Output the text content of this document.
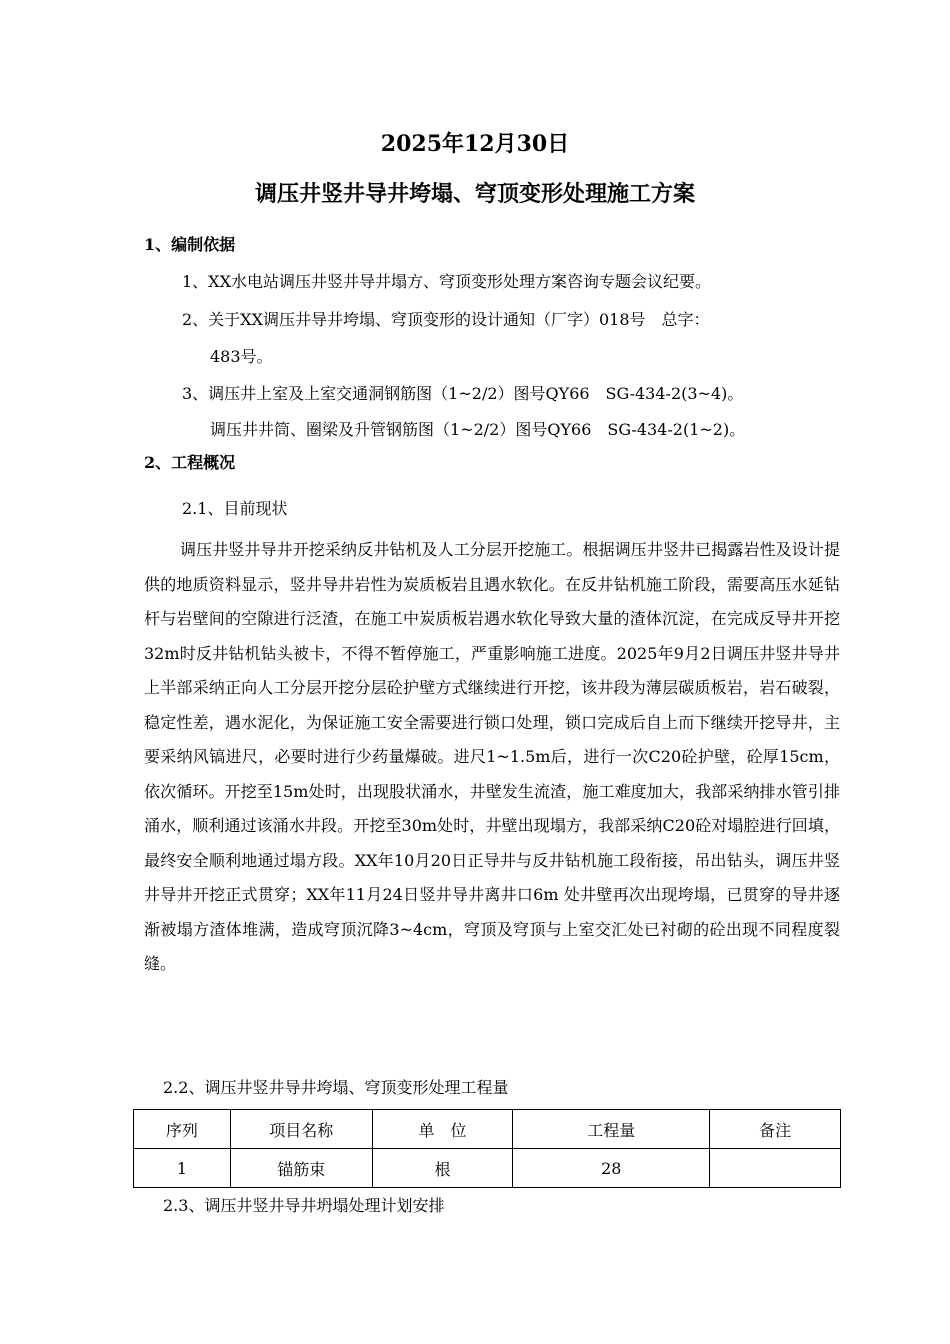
2025年12月30日
调压井竖井导井垮塌、穹顶变形处理施工方案
1、编制依据
1、XX水电站调压井竖井导井塌方、穹顶变形处理方案咨询专题会议纪要。
2、关于XX调压井导井垮塌、穹顶变形的设计通知（厂字）018号　总字：
483号。
3、调压井上室及上室交通洞钢筋图（1~2/2）图号QY66　SG-434-2(3~4)。
调压井井筒、圈梁及升管钢筋图（1~2/2）图号QY66　SG-434-2(1~2)。
2、工程概况
2.1、目前现状
调压井竖井导井开挖采纳反井钻机及人工分层开挖施工。根据调压井竖井已揭露岩性及设计提供的地质资料显示，竖井导井岩性为炭质板岩且遇水软化。在反井钻机施工阶段，需要高压水延钻杆与岩壁间的空隙进行泛渣，在施工中炭质板岩遇水软化导致大量的渣体沉淀，在完成反导井开挖32m时反井钻机钻头被卡，不得不暂停施工，严重影响施工进度。2025年9月2日调压井竖井导井上半部采纳正向人工分层开挖分层砼护壁方式继续进行开挖，该井段为薄层碳质板岩，岩石破裂，稳定性差，遇水泥化，为保证施工安全需要进行锁口处理，锁口完成后自上而下继续开挖导井，主要采纳风镐进尺，必要时进行少药量爆破。进尺1~1.5m后，进行一次C20砼护壁，砼厚15cm，依次循环。开挖至15m处时，出现股状涌水，井壁发生流渣，施工难度加大，我部采纳排水管引排涌水，顺利通过该涌水井段。开挖至30m处时，井壁出现塌方，我部采纳C20砼对塌腔进行回填，最终安全顺利地通过塌方段。XX年10月20日正导井与反井钻机施工段衔接，吊出钻头，调压井竖井导井开挖正式贯穿；XX年11月24日竖井导井离井口6m 处井壁再次出现垮塌，已贯穿的导井逐渐被塌方渣体堆满，造成穹顶沉降3~4cm，穹顶及穹顶与上室交汇处已衬砌的砼出现不同程度裂缝。
2.2、调压井竖井导井垮塌、穹顶变形处理工程量
序列	项目名称	单　位	工程量	备注
1	锚筋束	根	28	
2.3、调压井竖井导井坍塌处理计划安排
